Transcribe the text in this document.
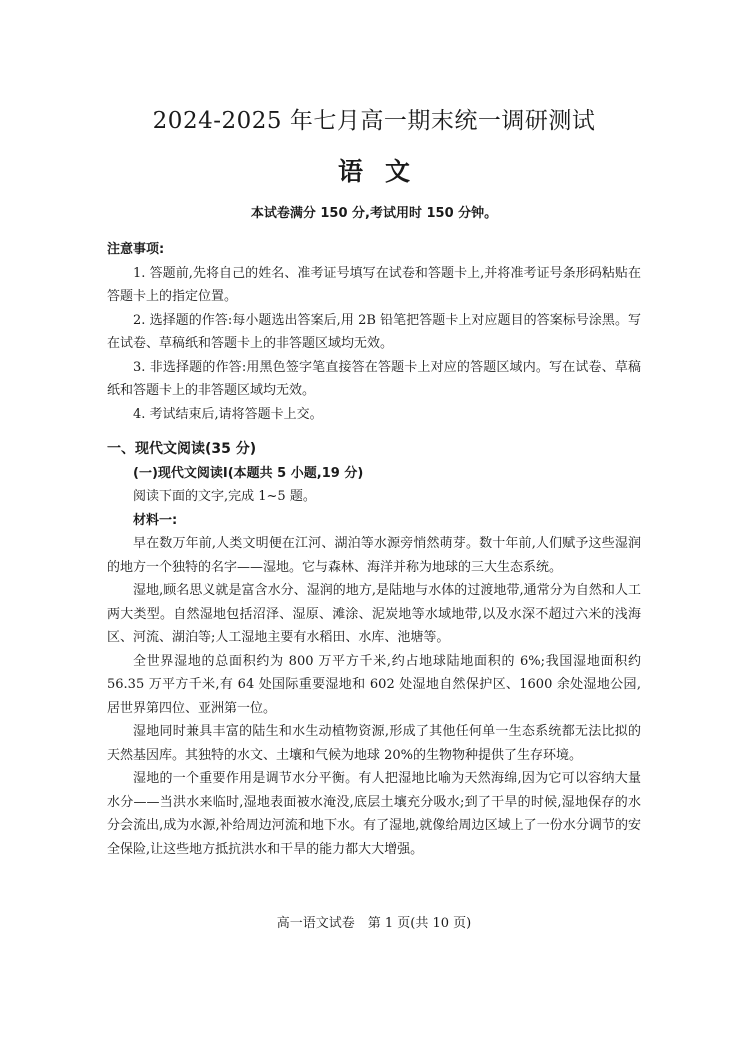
2024-2025 年七月高一期末统一调研测试
语文
本试卷满分 150 分,考试用时 150 分钟。

注意事项:

1. 答题前,先将自己的姓名、准考证号填写在试卷和答题卡上,并将准考证号条形码粘贴在答题卡上的指定位置。

2. 选择题的作答:每小题选出答案后,用 2B 铅笔把答题卡上对应题目的答案标号涂黑。写在试卷、草稿纸和答题卡上的非答题区域均无效。

3. 非选择题的作答:用黑色签字笔直接答在答题卡上对应的答题区域内。写在试卷、草稿纸和答题卡上的非答题区域均无效。

4. 考试结束后,请将答题卡上交。

一、现代文阅读(35 分)

(一)现代文阅读Ⅰ(本题共 5 小题,19 分)

阅读下面的文字,完成 1~5 题。

材料一:

早在数万年前,人类文明便在江河、湖泊等水源旁悄然萌芽。数十年前,人们赋予这些湿润的地方一个独特的名字——湿地。它与森林、海洋并称为地球的三大生态系统。

湿地,顾名思义就是富含水分、湿润的地方,是陆地与水体的过渡地带,通常分为自然和人工两大类型。自然湿地包括沼泽、湿原、滩涂、泥炭地等水域地带,以及水深不超过六米的浅海区、河流、湖泊等;人工湿地主要有水稻田、水库、池塘等。

全世界湿地的总面积约为 800 万平方千米,约占地球陆地面积的 6%;我国湿地面积约 56.35 万平方千米,有 64 处国际重要湿地和 602 处湿地自然保护区、1600 余处湿地公园,居世界第四位、亚洲第一位。

湿地同时兼具丰富的陆生和水生动植物资源,形成了其他任何单一生态系统都无法比拟的天然基因库。其独特的水文、土壤和气候为地球 20%的生物物种提供了生存环境。

湿地的一个重要作用是调节水分平衡。有人把湿地比喻为天然海绵,因为它可以容纳大量水分——当洪水来临时,湿地表面被水淹没,底层土壤充分吸水;到了干旱的时候,湿地保存的水分会流出,成为水源,补给周边河流和地下水。有了湿地,就像给周边区域上了一份水分调节的安全保险,让这些地方抵抗洪水和干旱的能力都大大增强。

高一语文试卷　第 1 页(共 10 页)
